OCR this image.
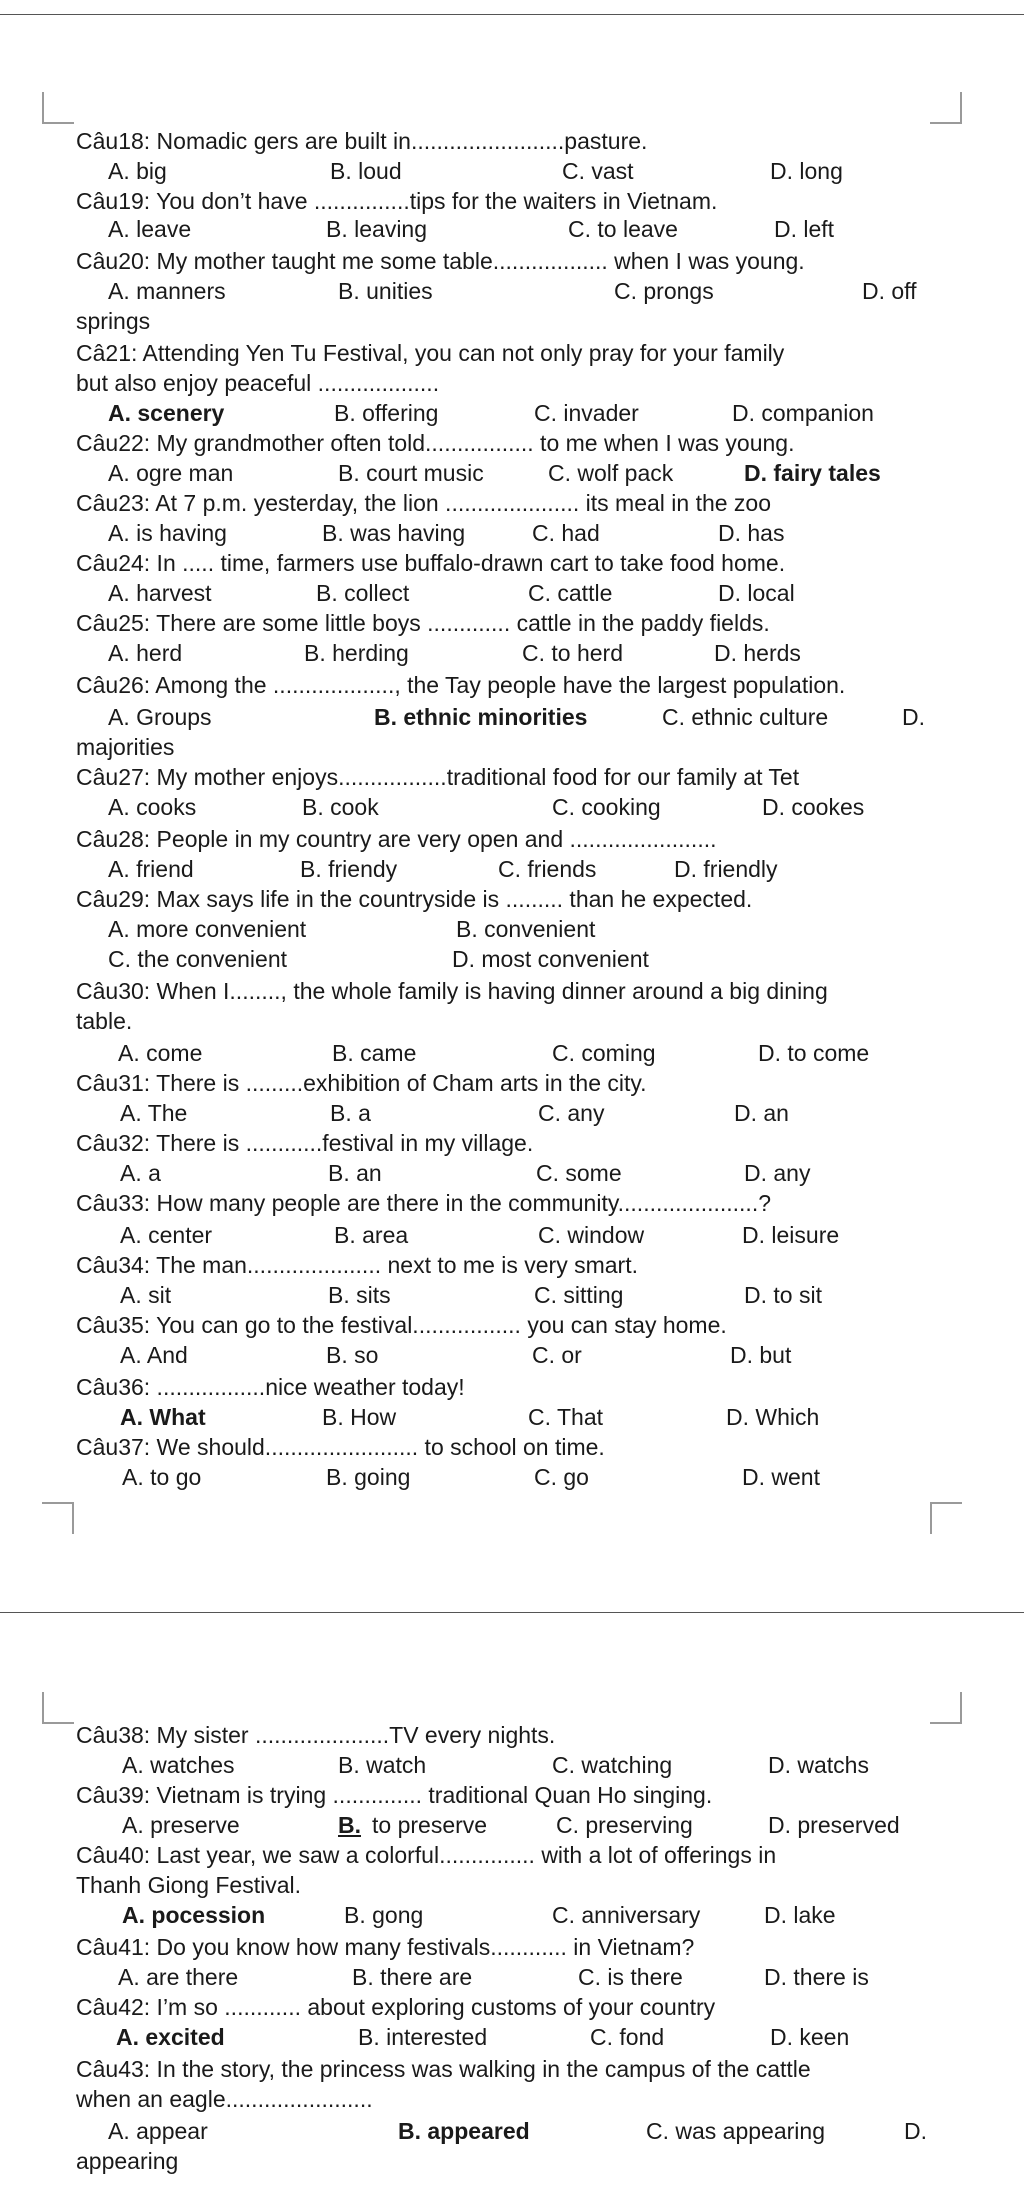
Câu18: Nomadic gers are built in........................pasture.
A. big	B. loud	C. vast	D. long
Câu19: You don’t have ...............tips for the waiters in Vietnam.
A. leave	B. leaving	C. to leave	D. left
Câu20: My mother taught me some table.................. when I was young.
A. manners	B. unities	C. prongs	D. off
springs
Câ21: Attending Yen Tu Festival, you can not only pray for your family
but also enjoy peaceful ...................
A. scenery	B. offering	C. invader	D. companion
Câu22: My grandmother often told................. to me when I was young.
A. ogre man	B. court music	C. wolf pack	D. fairy tales
Câu23: At 7 p.m. yesterday, the lion ..................... its meal in the zoo
A. is having	B. was having	C. had	D. has
Câu24: In ..... time, farmers use buffalo-drawn cart to take food home.
A. harvest	B. collect	C. cattle	D. local
Câu25: There are some little boys ............. cattle in the paddy fields.
A. herd	B. herding	C. to herd	D. herds
Câu26: Among the ..................., the Tay people have the largest population.
A. Groups	B. ethnic minorities	C. ethnic culture	D.
majorities
Câu27: My mother enjoys.................traditional food for our family at Tet
A. cooks	B. cook	C. cooking	D. cookes
Câu28: People in my country are very open and .......................
A. friend	B. friendy	C. friends	D. friendly
Câu29: Max says life in the countryside is ......... than he expected.
A. more convenient	B. convenient
C. the convenient	D. most convenient
Câu30: When I........, the whole family is having dinner around a big dining
table.
A. come	B. came	C. coming	D. to come
Câu31: There is .........exhibition of Cham arts in the city.
A. The	B. a	C. any	D. an
Câu32: There is ............festival in my village.
A. a	B. an	C. some	D. any
Câu33: How many people are there in the community......................?
A. center	B. area	C. window	D. leisure
Câu34: The man..................... next to me is very smart.
A. sit	B. sits	C. sitting	D. to sit
Câu35: You can go to the festival................. you can stay home.
A. And	B. so	C. or	D. but
Câu36: .................nice weather today!
A. What	B. How	C. That	D. Which
Câu37: We should........................ to school on time.
A. to go	B. going	C. go	D. went
Câu38: My sister .....................TV every nights.
A. watches	B. watch	C. watching	D. watchs
Câu39: Vietnam is trying .............. traditional Quan Ho singing.
A. preserve	B. to preserve	C. preserving	D. preserved
Câu40: Last year, we saw a colorful............... with a lot of offerings in
Thanh Giong Festival.
A. pocession	B. gong	C. anniversary	D. lake
Câu41: Do you know how many festivals............ in Vietnam?
A. are there	B. there are	C. is there	D. there is
Câu42: I’m so ............ about exploring customs of your country
A. excited	B. interested	C. fond	D. keen
Câu43: In the story, the princess was walking in the campus of the cattle
when an eagle.......................
A. appear	B. appeared	C. was appearing	D.
appearing
